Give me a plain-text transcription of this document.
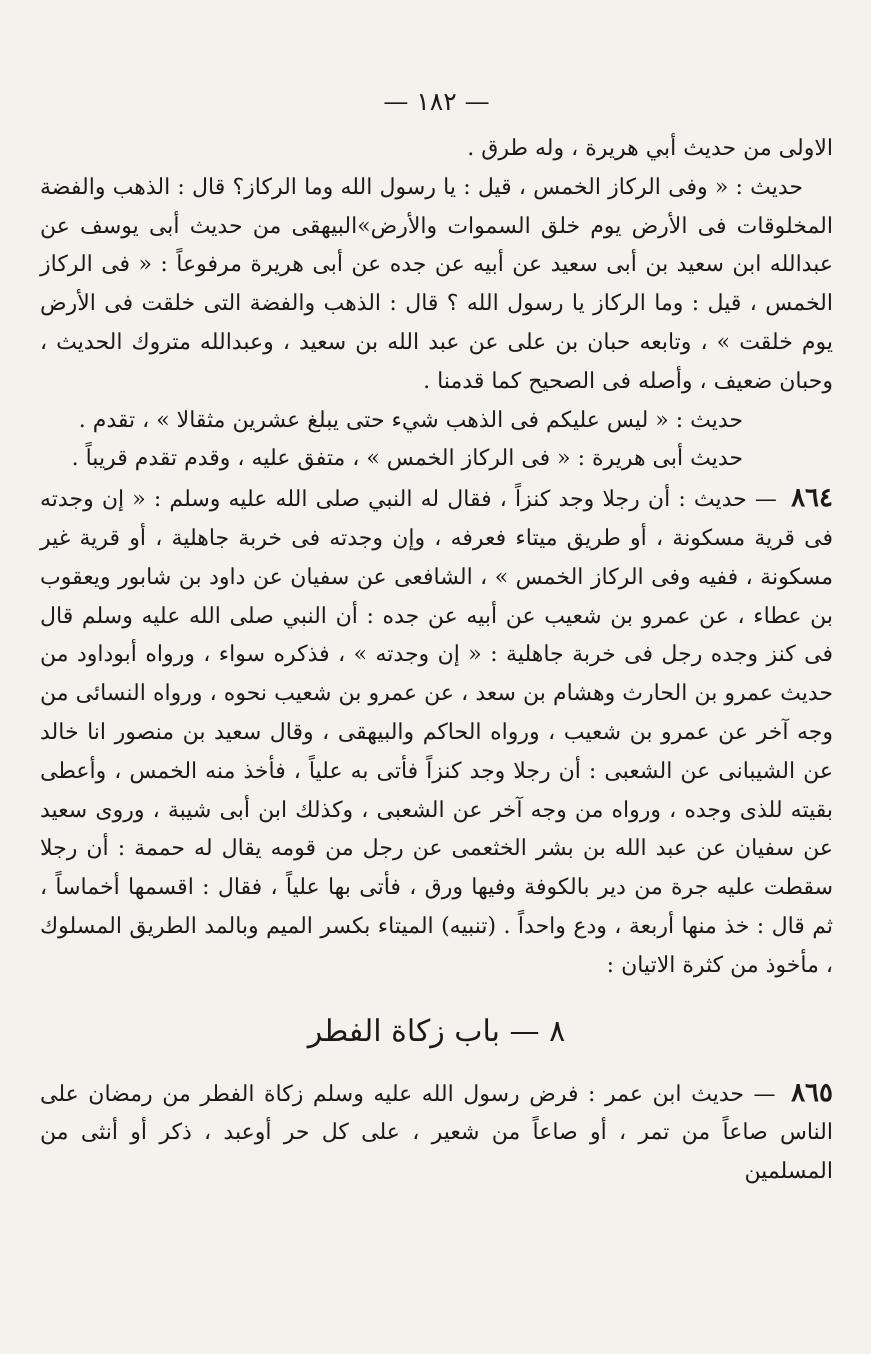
— ١٨٢ —

الاولى من حديث أبي هريرة ، وله طرق .

حديث : « وفى الركاز الخمس ، قيل : يا رسول الله وما الركاز؟ قال : الذهب والفضة المخلوقات فى الأرض يوم خلق السموات والأرض»البيهقى من حديث أبى يوسف عن عبدالله ابن سعيد بن أبى سعيد عن أبيه عن جده عن أبى هريرة مرفوعاً : « فى الركاز الخمس ، قيل : وما الركاز يا رسول الله ؟ قال : الذهب والفضة التى خلقت فى الأرض يوم خلقت » ، وتابعه حبان بن على عن عبد الله بن سعيد ، وعبدالله متروك الحديث ، وحبان ضعيف ، وأصله فى الصحيح كما قدمنا .

حديث : « ليس عليكم فى الذهب شيء حتى يبلغ عشرين مثقالا » ، تقدم .

حديث أبى هريرة : « فى الركاز الخمس » ، متفق عليه ، وقدم تقدم قريباً .

٨٦٤ — حديث : أن رجلا وجد كنزاً ، فقال له النبي صلى الله عليه وسلم : « إن وجدته فى قرية مسكونة ، أو طريق ميتاء فعرفه ، وإن وجدته فى خربة جاهلية ، أو قرية غير مسكونة ، ففيه وفى الركاز الخمس » ، الشافعى عن سفيان عن داود بن شابور ويعقوب بن عطاء ، عن عمرو بن شعيب عن أبيه عن جده : أن النبي صلى الله عليه وسلم قال فى كنز وجده رجل فى خربة جاهلية : « إن وجدته » ، فذكره سواء ، ورواه أبوداود من حديث عمرو بن الحارث وهشام بن سعد ، عن عمرو بن شعيب نحوه ، ورواه النسائى من وجه آخر عن عمرو بن شعيب ، ورواه الحاكم والبيهقى ، وقال سعيد بن منصور انا خالد عن الشيبانى عن الشعبى : أن رجلا وجد كنزاً فأتى به علياً ، فأخذ منه الخمس ، وأعطى بقيته للذى وجده ، ورواه من وجه آخر عن الشعبى ، وكذلك ابن أبى شيبة ، وروى سعيد عن سفيان عن عبد الله بن بشر الخثعمى عن رجل من قومه يقال له حممة : أن رجلا سقطت عليه جرة من دير بالكوفة وفيها ورق ، فأتى بها علياً ، فقال : اقسمها أخماساً ، ثم قال : خذ منها أربعة ، ودع واحداً . (تنبيه) الميتاء بكسر الميم وبالمد الطريق المسلوك ، مأخوذ من كثرة الاتيان :

٨ — باب زكاة الفطر

٨٦٥ — حديث ابن عمر : فرض رسول الله عليه وسلم زكاة الفطر من رمضان على الناس صاعاً من تمر ، أو صاعاً من شعير ، على كل حر أوعبد ، ذكر أو أنثى من المسلمين
